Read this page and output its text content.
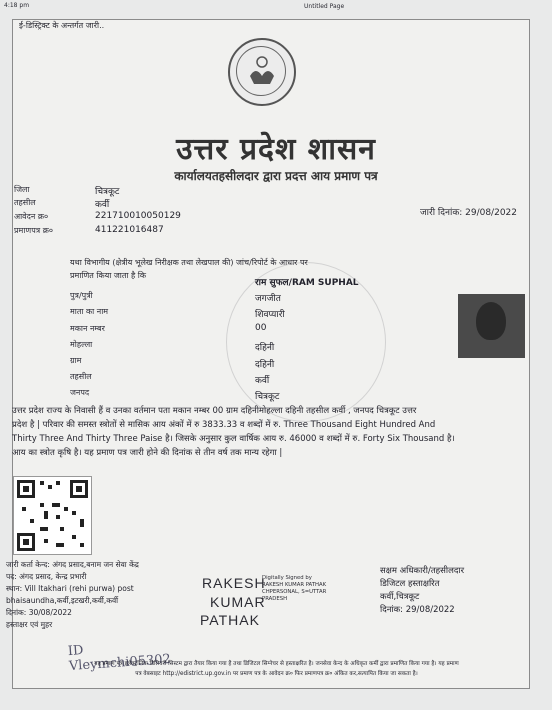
4:18 pm	Untitled Page
ई-डिस्ट्रिक्ट के अन्तर्गत जारी..
उत्तर प्रदेश शासन
कार्यालयतहसीलदार द्वारा प्रदत्त आय प्रमाण पत्र
जिला	चित्रकूट
तहसील	कर्वी
आवेदन क्र०	221710010050129
प्रमाणपत्र क्र०	411221016487
जारी दिनांक: 29/08/2022
यथा विभागीय (क्षेत्रीय भूलेख निरीक्षक तथा लेखपाल की) जांच/रिपोर्ट के आधार पर
प्रमाणित किया जाता है कि
राम सुफल/RAM SUPHAL
पुत्र/पुत्री	जगजीत
माता का नाम	शिवप्यारी
मकान नम्बर	00
मोहल्ला	दहिनी
ग्राम	दहिनी
तहसील	कर्वी
जनपद	चित्रकूट
उत्तर प्रदेश राज्य के निवासी हैं व उनका वर्तमान पता मकान नम्बर 00 ग्राम दहिनीमोहल्ला दहिनी तहसील कर्वी , जनपद चित्रकूट उत्तर
प्रदेश है | परिवार की समस्त स्त्रोतों से मासिक आय अंकों में रु 3833.33 व शब्दों में रु. Three Thousand Eight Hundred And
Thirty Three And Thirty Three Paise है। जिसके अनुसार कुल वार्षिक आय रु. 46000 व शब्दों में रु. Forty Six Thousand है।
आय का स्त्रोत कृषि है। यह प्रमाण पत्र जारी होने की दिनांक से तीन वर्ष तक मान्य रहेगा |
जारी कर्ता केन्द: अंगद प्रसाद,बनाम जन सेवा केंद्र
पद: अंगद प्रसाद, केन्द्र प्रभारी
स्थान: Vill Itakhari (rehi purwa) post
bhaisaundha,कर्वी,इटखरी,कर्वी,कर्वी
दिनांक: 30/08/2022
हस्ताक्षर एवं मुहर
ID Vleymchi05302
RAKESH
KUMAR
PATHAK
Digitally Signed by
RAKESH KUMAR PATHAK
CHPERSONAL, S=UTTAR
PRADESH
सक्षम अधिकारी/तहसीलदार
डिजिटल हस्ताक्षरित
कर्वी,चित्रकूट
दिनांक: 29/08/2022
यह प्रमाण पत्र इलेक्ट्रॉनिक डिलिवरी सिस्टम द्वारा तैयार किया गया है तथा डिजिटल सिग्नेचर से हस्ताक्षरित है। जनसेवा केन्द के अधिकृत कर्मी द्वारा प्रमाणित किया गया है। यह प्रमाण
पत्र वेबसाइट http://edistrict.up.gov.in पर प्रमाण पत्र के आवेदन क्र० फिर प्रमाणपत्र क्र० अंकित कर,सत्यापित किया जा सकता है।
